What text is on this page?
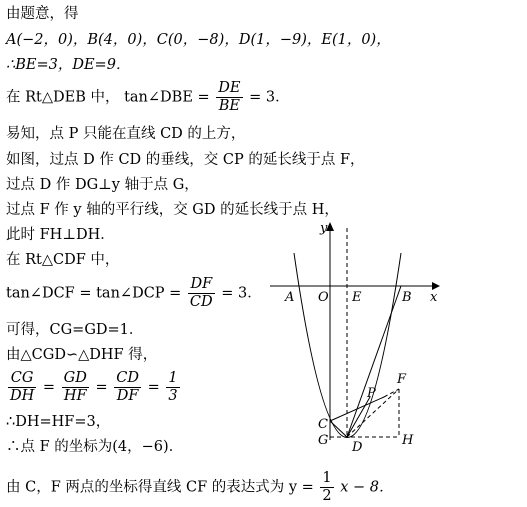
由题意，得
A(−2，0)，B(4，0)，C(0，−8)，D(1，−9)，E(1，0)，
∴BE=3，DE=9．
在 Rt△DEB 中， tan∠DBE = $\frac{DE}{BE} = 3$．
易知，点 P 只能在直线 CD 的上方，
如图，过点 D 作 CD 的垂线，交 CP 的延长线于点 F，
过点 D 作 DG⊥y 轴于点 G，
过点 F 作 y 轴的平行线，交 GD 的延长线于点 H，
此时 FH⊥DH．
在 Rt△CDF 中，
tan∠DCF = tan∠DCP = $\frac{DF}{CD} = 3$．
可得，CG=GD=1．
由△CGD∽△DHF 得，
$\frac{CG}{DH} = \frac{GD}{HF} = \frac{CD}{DF} = \frac{1}{3}$
∴DH=HF=3，
∴点 F 的坐标为(4，−6)．
由 C，F 两点的坐标得直线 CF 的表达式为 $y = \frac{1}{2}$ x − 8．
y
x
A O E	B
F
P
C
G D	H
